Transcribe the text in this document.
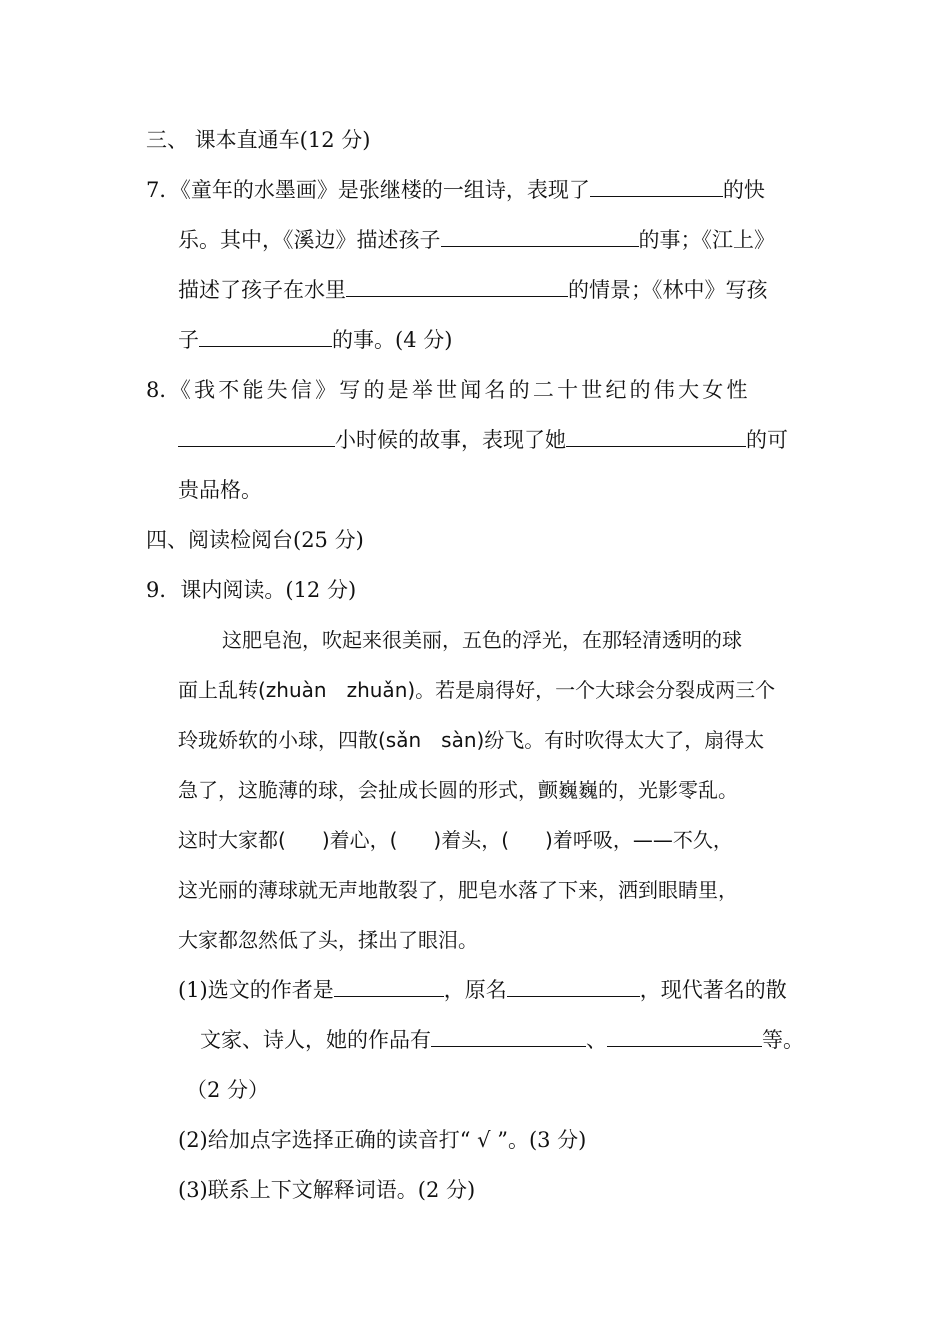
三、 课本直通车(12 分)
7．《童年的水墨画》是张继楼的一组诗，表现了	的快
乐。其中，《溪边》描述孩子	的事；《江上》
描述了孩子在水里	的情景；《林中》写孩
子	的事。(4 分)
8．《我不能失信》写的是举世闻名的二十世纪的伟大女性
小时候的故事，表现了她	的可
贵品格。
四、阅读检阅台(25 分)
9．课内阅读。(12 分)
这肥皂泡，吹起来很美丽，五色的浮光，在那轻清透明的球
面上乱转(zhuàn　zhuǎn)。若是扇得好，一个大球会分裂成两三个
玲珑娇软的小球，四散(sǎn　sàn)纷飞。有时吹得太大了，扇得太
急了，这脆薄的球，会扯成长圆的形式，颤巍巍的，光影零乱。
这时大家都( )着心，( )着头，( )着呼吸，——不久，
这光丽的薄球就无声地散裂了，肥皂水落了下来，洒到眼睛里，
大家都忽然低了头，揉出了眼泪。
(1)选文的作者是	，原名	，现代著名的散
文家、诗人，她的作品有	、	等。
（2 分）
(2)给加点字选择正确的读音打“ √ ”。(3 分)
(3)联系上下文解释词语。(2 分)
